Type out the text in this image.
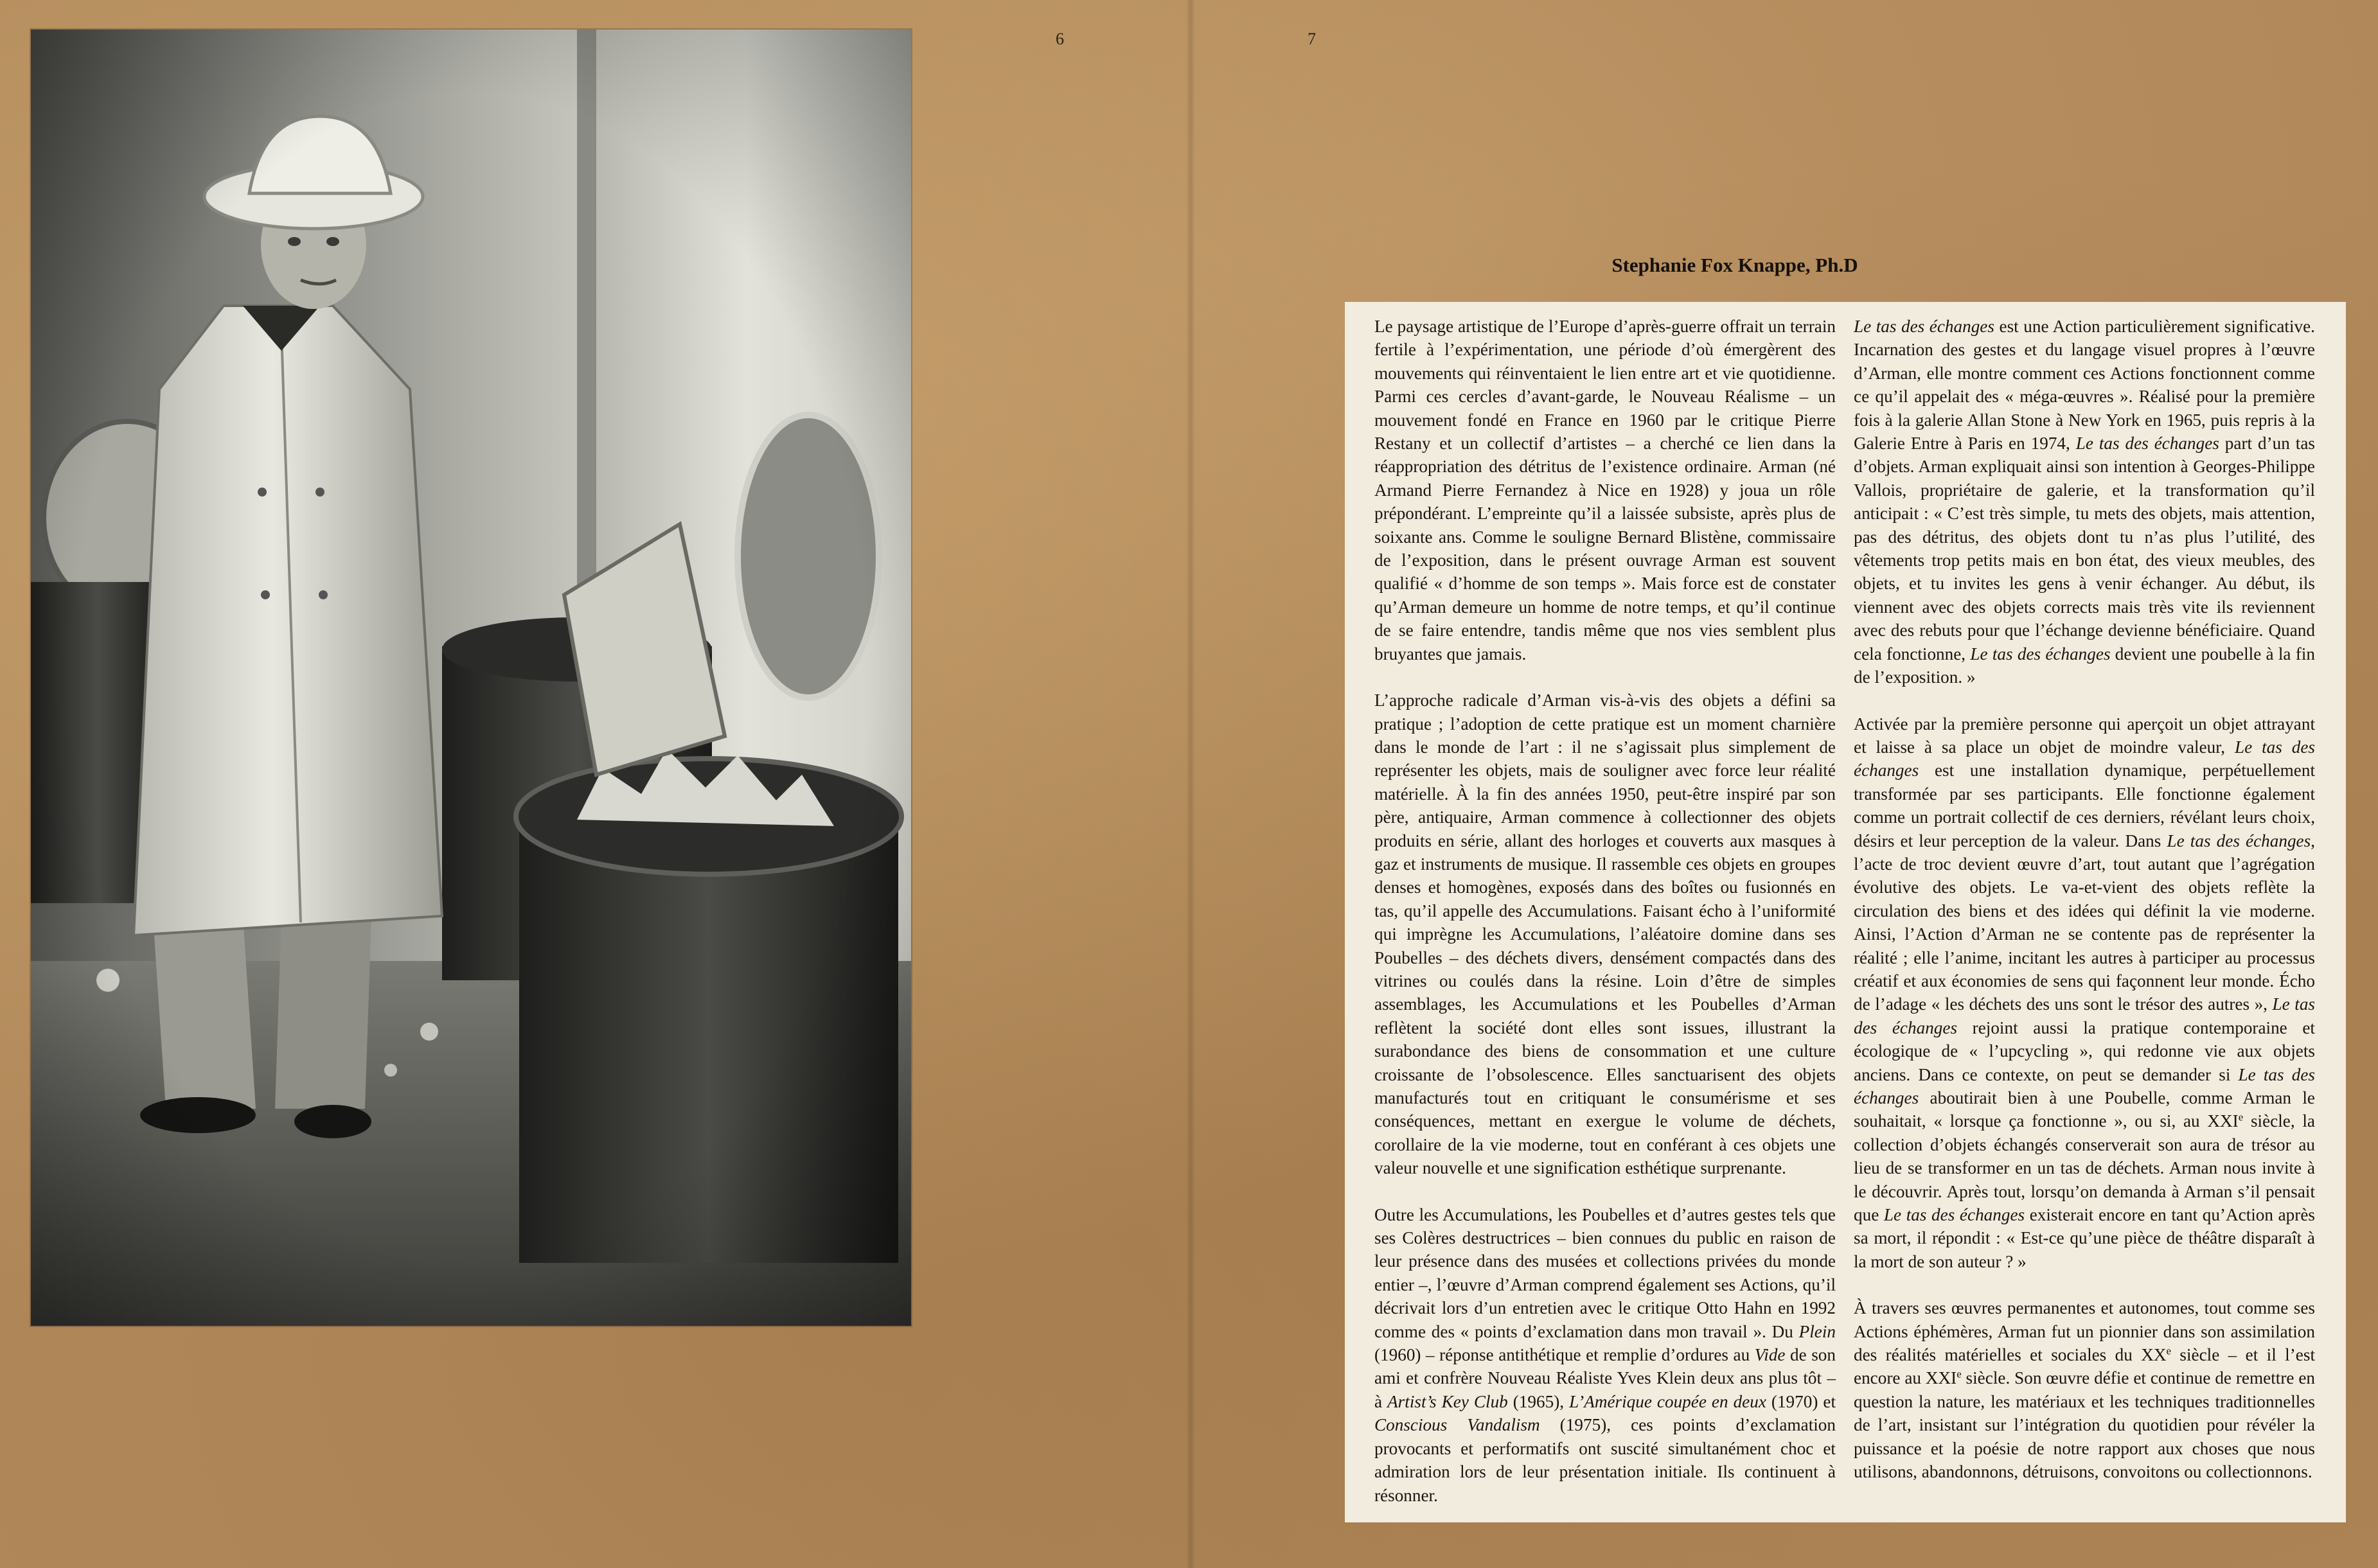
6	7
Stephanie Fox Knappe, Ph.D

Le paysage artistique de l’Europe d’après-guerre offrait un terrain fertile à l’expérimentation, une période d’où émergèrent des mouvements qui réinventaient le lien entre art et vie quotidienne. Parmi ces cercles d’avant-garde, le Nouveau Réalisme – un mouvement fondé en France en 1960 par le critique Pierre Restany et un collectif d’artistes – a cherché ce lien dans la réappropriation des détritus de l’existence ordinaire. Arman (né Armand Pierre Fernandez à Nice en 1928) y joua un rôle prépondérant. L’empreinte qu’il a laissée subsiste, après plus de soixante ans. Comme le souligne Bernard Blistène, commissaire de l’exposition, dans le présent ouvrage Arman est souvent qualifié « d’homme de son temps ». Mais force est de constater qu’Arman demeure un homme de notre temps, et qu’il continue de se faire entendre, tandis même que nos vies semblent plus bruyantes que jamais.

L’approche radicale d’Arman vis-à-vis des objets a défini sa pratique ; l’adoption de cette pratique est un moment charnière dans le monde de l’art : il ne s’agissait plus simplement de représenter les objets, mais de souligner avec force leur réalité matérielle. À la fin des années 1950, peut-être inspiré par son père, antiquaire, Arman commence à collectionner des objets produits en série, allant des horloges et couverts aux masques à gaz et instruments de musique. Il rassemble ces objets en groupes denses et homogènes, exposés dans des boîtes ou fusionnés en tas, qu’il appelle des Accumulations. Faisant écho à l’uniformité qui imprègne les Accumulations, l’aléatoire domine dans ses Poubelles – des déchets divers, densément compactés dans des vitrines ou coulés dans la résine. Loin d’être de simples assemblages, les Accumulations et les Poubelles d’Arman reflètent la société dont elles sont issues, illustrant la surabondance des biens de consommation et une culture croissante de l’obsolescence. Elles sanctuarisent des objets manufacturés tout en critiquant le consumérisme et ses conséquences, mettant en exergue le volume de déchets, corollaire de la vie moderne, tout en conférant à ces objets une valeur nouvelle et une signification esthétique surprenante.

Outre les Accumulations, les Poubelles et d’autres gestes tels que ses Colères destructrices – bien connues du public en raison de leur présence dans des musées et collections privées du monde entier –, l’œuvre d’Arman comprend également ses Actions, qu’il décrivait lors d’un entretien avec le critique Otto Hahn en 1992 comme des « points d’exclamation dans mon travail ». Du Plein (1960) – réponse antithétique et remplie d’ordures au Vide de son ami et confrère Nouveau Réaliste Yves Klein deux ans plus tôt – à Artist’s Key Club (1965), L’Amérique coupée en deux (1970) et Conscious Vandalism (1975), ces points d’exclamation provocants et performatifs ont suscité simultanément choc et admiration lors de leur présentation initiale. Ils continuent à résonner.

Le tas des échanges est une Action particulièrement significative. Incarnation des gestes et du langage visuel propres à l’œuvre d’Arman, elle montre comment ces Actions fonctionnent comme ce qu’il appelait des « méga-œuvres ». Réalisé pour la première fois à la galerie Allan Stone à New York en 1965, puis repris à la Galerie Entre à Paris en 1974, Le tas des échanges part d’un tas d’objets. Arman expliquait ainsi son intention à Georges-Philippe Vallois, propriétaire de galerie, et la transformation qu’il anticipait : « C’est très simple, tu mets des objets, mais attention, pas des détritus, des objets dont tu n’as plus l’utilité, des vêtements trop petits mais en bon état, des vieux meubles, des objets, et tu invites les gens à venir échanger. Au début, ils viennent avec des objets corrects mais très vite ils reviennent avec des rebuts pour que l’échange devienne bénéficiaire. Quand cela fonctionne, Le tas des échanges devient une poubelle à la fin de l’exposition. »

Activée par la première personne qui aperçoit un objet attrayant et laisse à sa place un objet de moindre valeur, Le tas des échanges est une installation dynamique, perpétuellement transformée par ses participants. Elle fonctionne également comme un portrait collectif de ces derniers, révélant leurs choix, désirs et leur perception de la valeur. Dans Le tas des échanges, l’acte de troc devient œuvre d’art, tout autant que l’agrégation évolutive des objets. Le va-et-vient des objets reflète la circulation des biens et des idées qui définit la vie moderne. Ainsi, l’Action d’Arman ne se contente pas de représenter la réalité ; elle l’anime, incitant les autres à participer au processus créatif et aux économies de sens qui façonnent leur monde. Écho de l’adage « les déchets des uns sont le trésor des autres », Le tas des échanges rejoint aussi la pratique contemporaine et écologique de « l’upcycling », qui redonne vie aux objets anciens. Dans ce contexte, on peut se demander si Le tas des échanges aboutirait bien à une Poubelle, comme Arman le souhaitait, « lorsque ça fonctionne », ou si, au XXIe siècle, la collection d’objets échangés conserverait son aura de trésor au lieu de se transformer en un tas de déchets. Arman nous invite à le découvrir. Après tout, lorsqu’on demanda à Arman s’il pensait que Le tas des échanges existerait encore en tant qu’Action après sa mort, il répondit : « Est-ce qu’une pièce de théâtre disparaît à la mort de son auteur ? »

À travers ses œuvres permanentes et autonomes, tout comme ses Actions éphémères, Arman fut un pionnier dans son assimilation des réalités matérielles et sociales du XXe siècle – et il l’est encore au XXIe siècle. Son œuvre défie et continue de remettre en question la nature, les matériaux et les techniques traditionnelles de l’art, insistant sur l’intégration du quotidien pour révéler la puissance et la poésie de notre rapport aux choses que nous utilisons, abandonnons, détruisons, convoitons ou collectionnons.
